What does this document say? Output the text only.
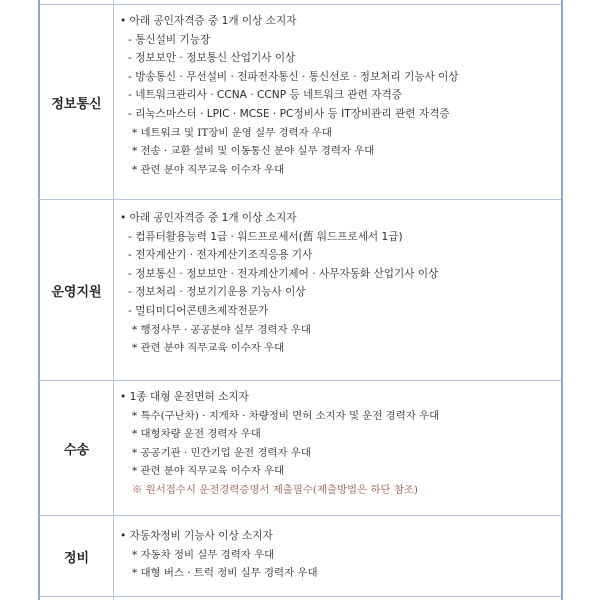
정보통신
• 아래 공인자격증 중 1개 이상 소지자
- 통신설비 기능장
- 정보보안 · 정보통신 산업기사 이상
- 방송통신 · 무선설비 · 전파전자통신 · 통신선로 · 정보처리 기능사 이상
- 네트워크관리사 · CCNA · CCNP 등 네트워크 관련 자격증
- 리눅스마스터 · LPIC · MCSE · PC정비사 등 IT장비관리 관련 자격증
* 네트워크 및 IT장비 운영 실무 경력자 우대
* 전송 · 교환 설비 및 이동통신 분야 실무 경력자 우대
* 관련 분야 직무교육 이수자 우대
운영지원
• 아래 공인자격증 중 1개 이상 소지자
- 컴퓨터활용능력 1급 · 워드프로세서(舊 워드프로세서 1급)
- 전자계산기 · 전자계산기조직응용 기사
- 정보통신 · 정보보안 · 전자계산기제어 · 사무자동화 산업기사 이상
- 정보처리 · 정보기기운용 기능사 이상
- 멀티미디어콘텐츠제작전문가
* 행정사무 · 공공분야 실무 경력자 우대
* 관련 분야 직무교육 이수자 우대
수송
• 1종 대형 운전면허 소지자
* 특수(구난차) · 지게차 · 차량정비 면허 소지자 및 운전 경력자 우대
* 대형차량 운전 경력자 우대
* 공공기관 · 민간기업 운전 경력자 우대
* 관련 분야 직무교육 이수자 우대
※ 원서접수시 운전경력증명서 제출필수(제출방법은 하단 참조)
정비
• 자동차정비 기능사 이상 소지자
* 자동차 정비 실무 경력자 우대
* 대형 버스 · 트럭 정비 실무 경력자 우대
